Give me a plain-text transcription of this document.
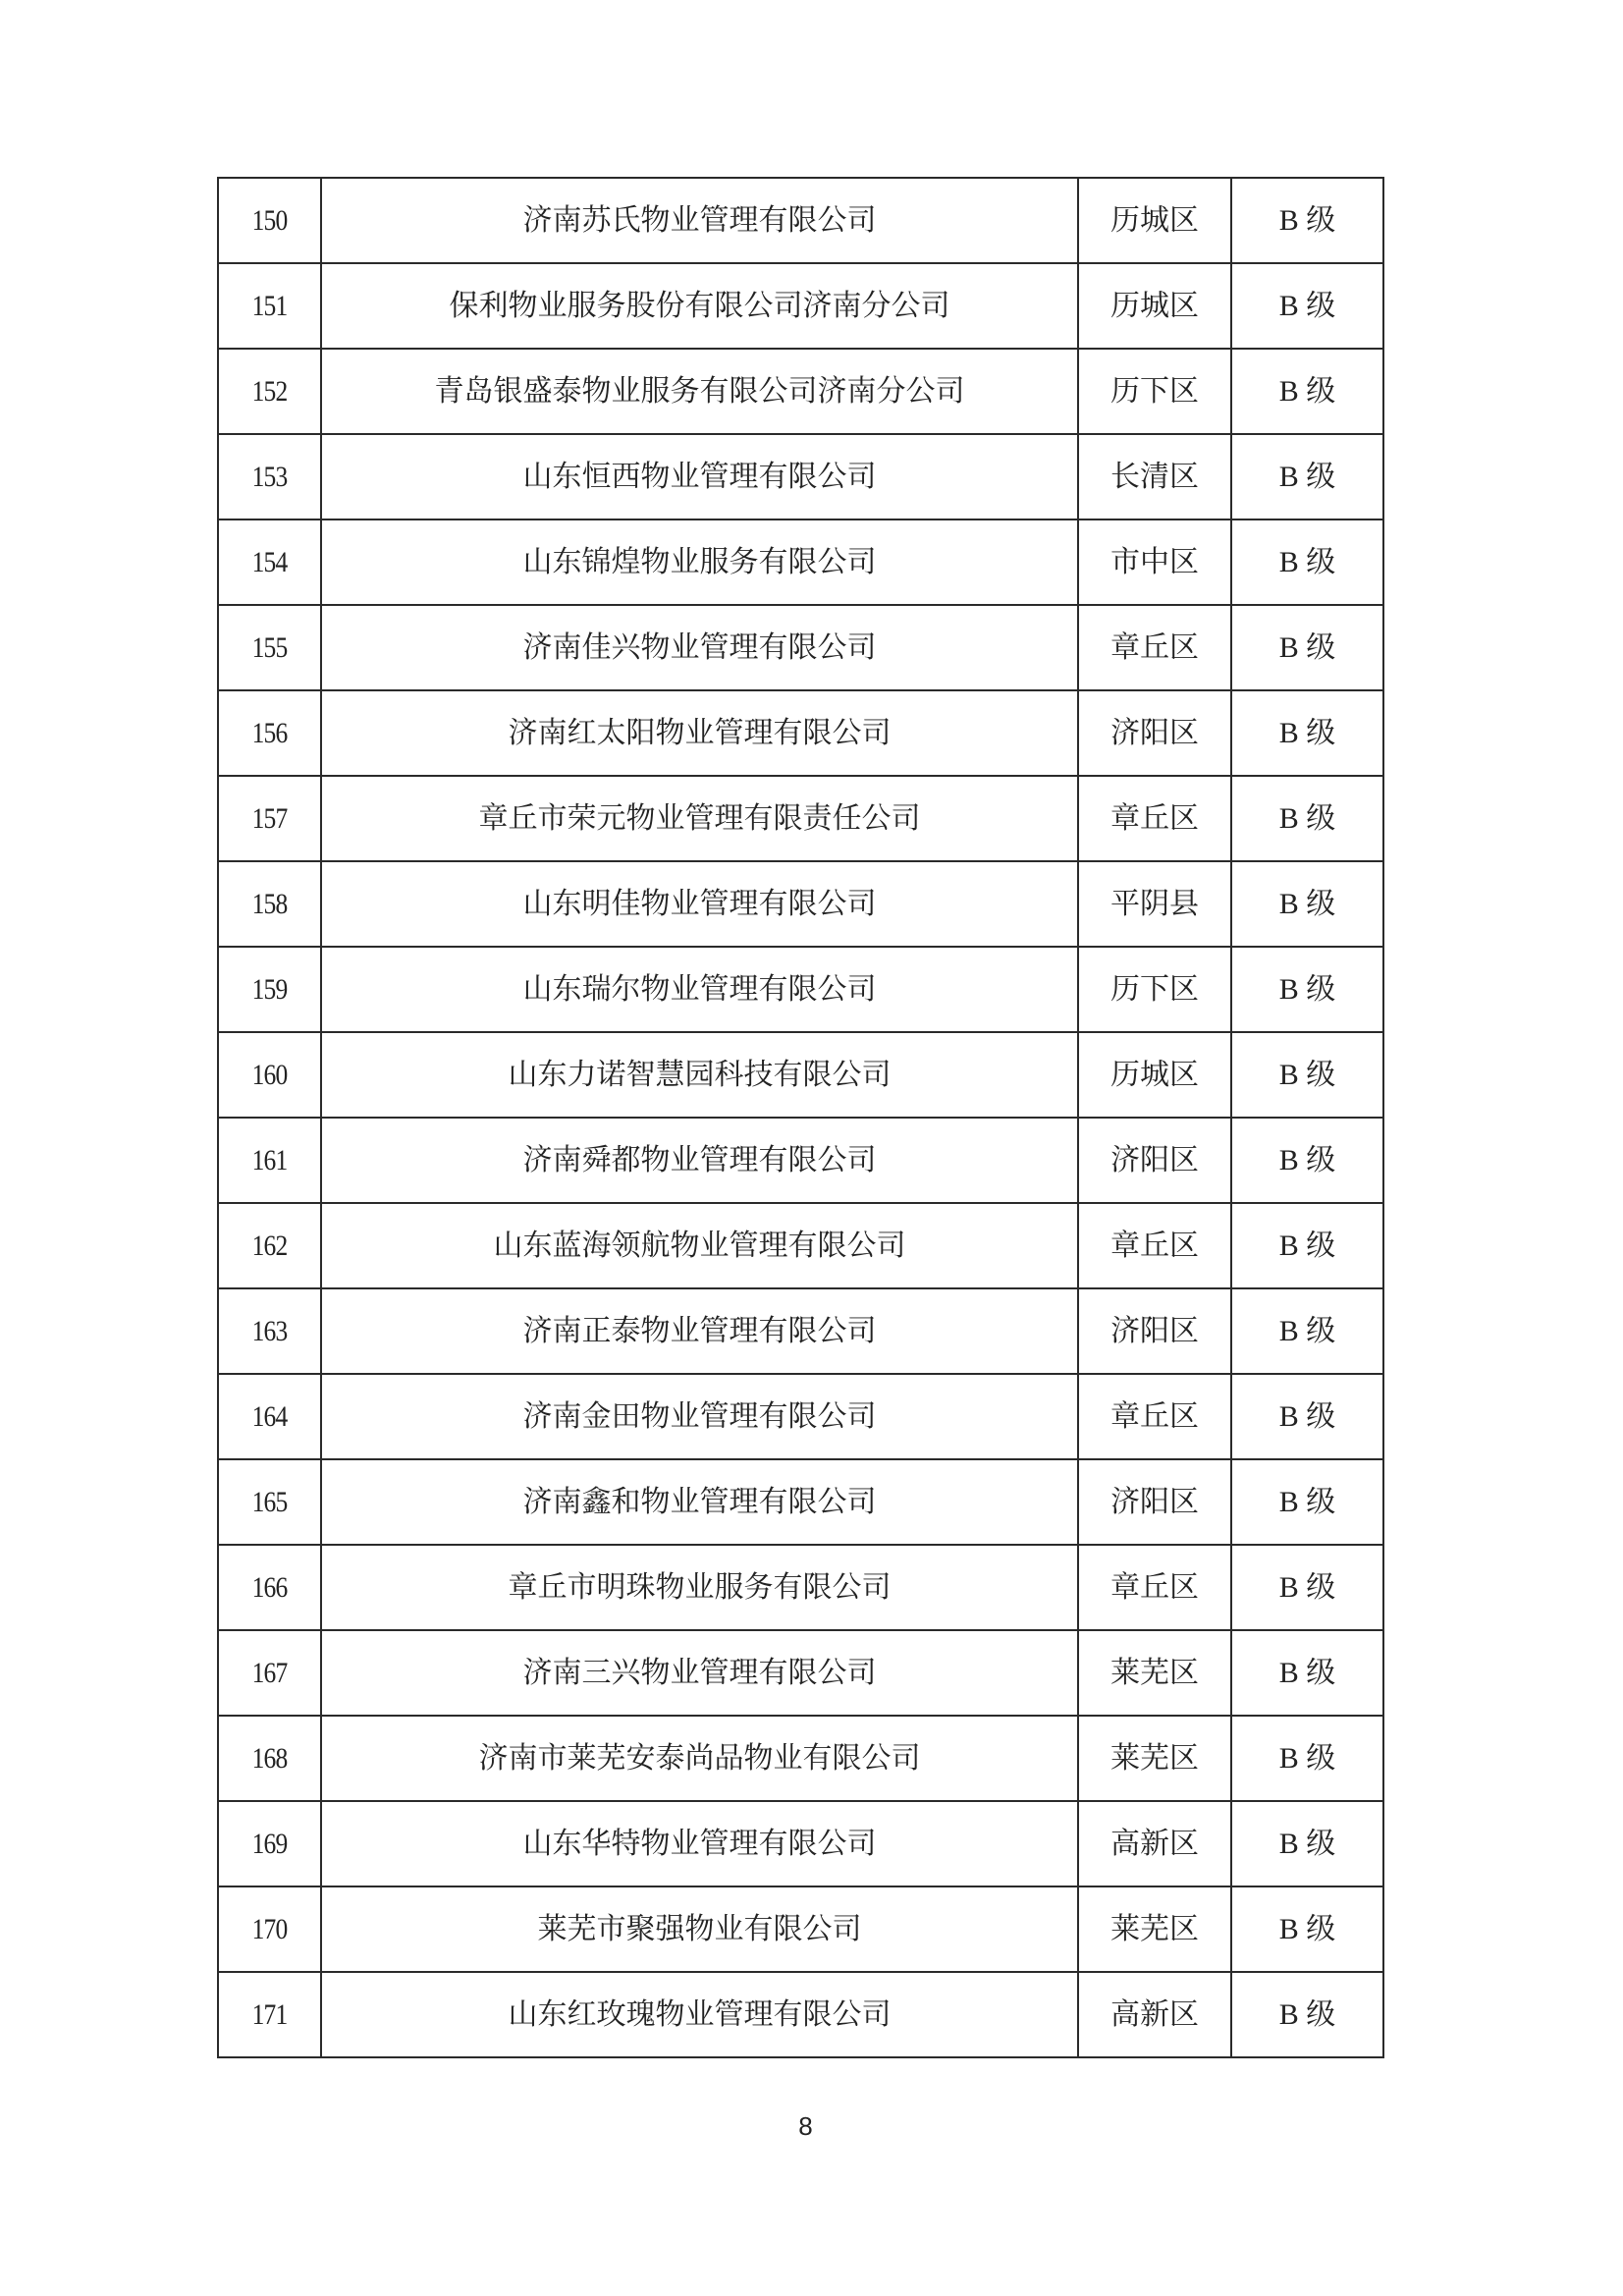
150	济南苏氏物业管理有限公司	历城区	B 级
151	保利物业服务股份有限公司济南分公司	历城区	B 级
152	青岛银盛泰物业服务有限公司济南分公司	历下区	B 级
153	山东恒西物业管理有限公司	长清区	B 级
154	山东锦煌物业服务有限公司	市中区	B 级
155	济南佳兴物业管理有限公司	章丘区	B 级
156	济南红太阳物业管理有限公司	济阳区	B 级
157	章丘市荣元物业管理有限责任公司	章丘区	B 级
158	山东明佳物业管理有限公司	平阴县	B 级
159	山东瑞尔物业管理有限公司	历下区	B 级
160	山东力诺智慧园科技有限公司	历城区	B 级
161	济南舜都物业管理有限公司	济阳区	B 级
162	山东蓝海领航物业管理有限公司	章丘区	B 级
163	济南正泰物业管理有限公司	济阳区	B 级
164	济南金田物业管理有限公司	章丘区	B 级
165	济南鑫和物业管理有限公司	济阳区	B 级
166	章丘市明珠物业服务有限公司	章丘区	B 级
167	济南三兴物业管理有限公司	莱芜区	B 级
168	济南市莱芜安泰尚品物业有限公司	莱芜区	B 级
169	山东华特物业管理有限公司	高新区	B 级
170	莱芜市聚强物业有限公司	莱芜区	B 级
171	山东红玫瑰物业管理有限公司	高新区	B 级
8
